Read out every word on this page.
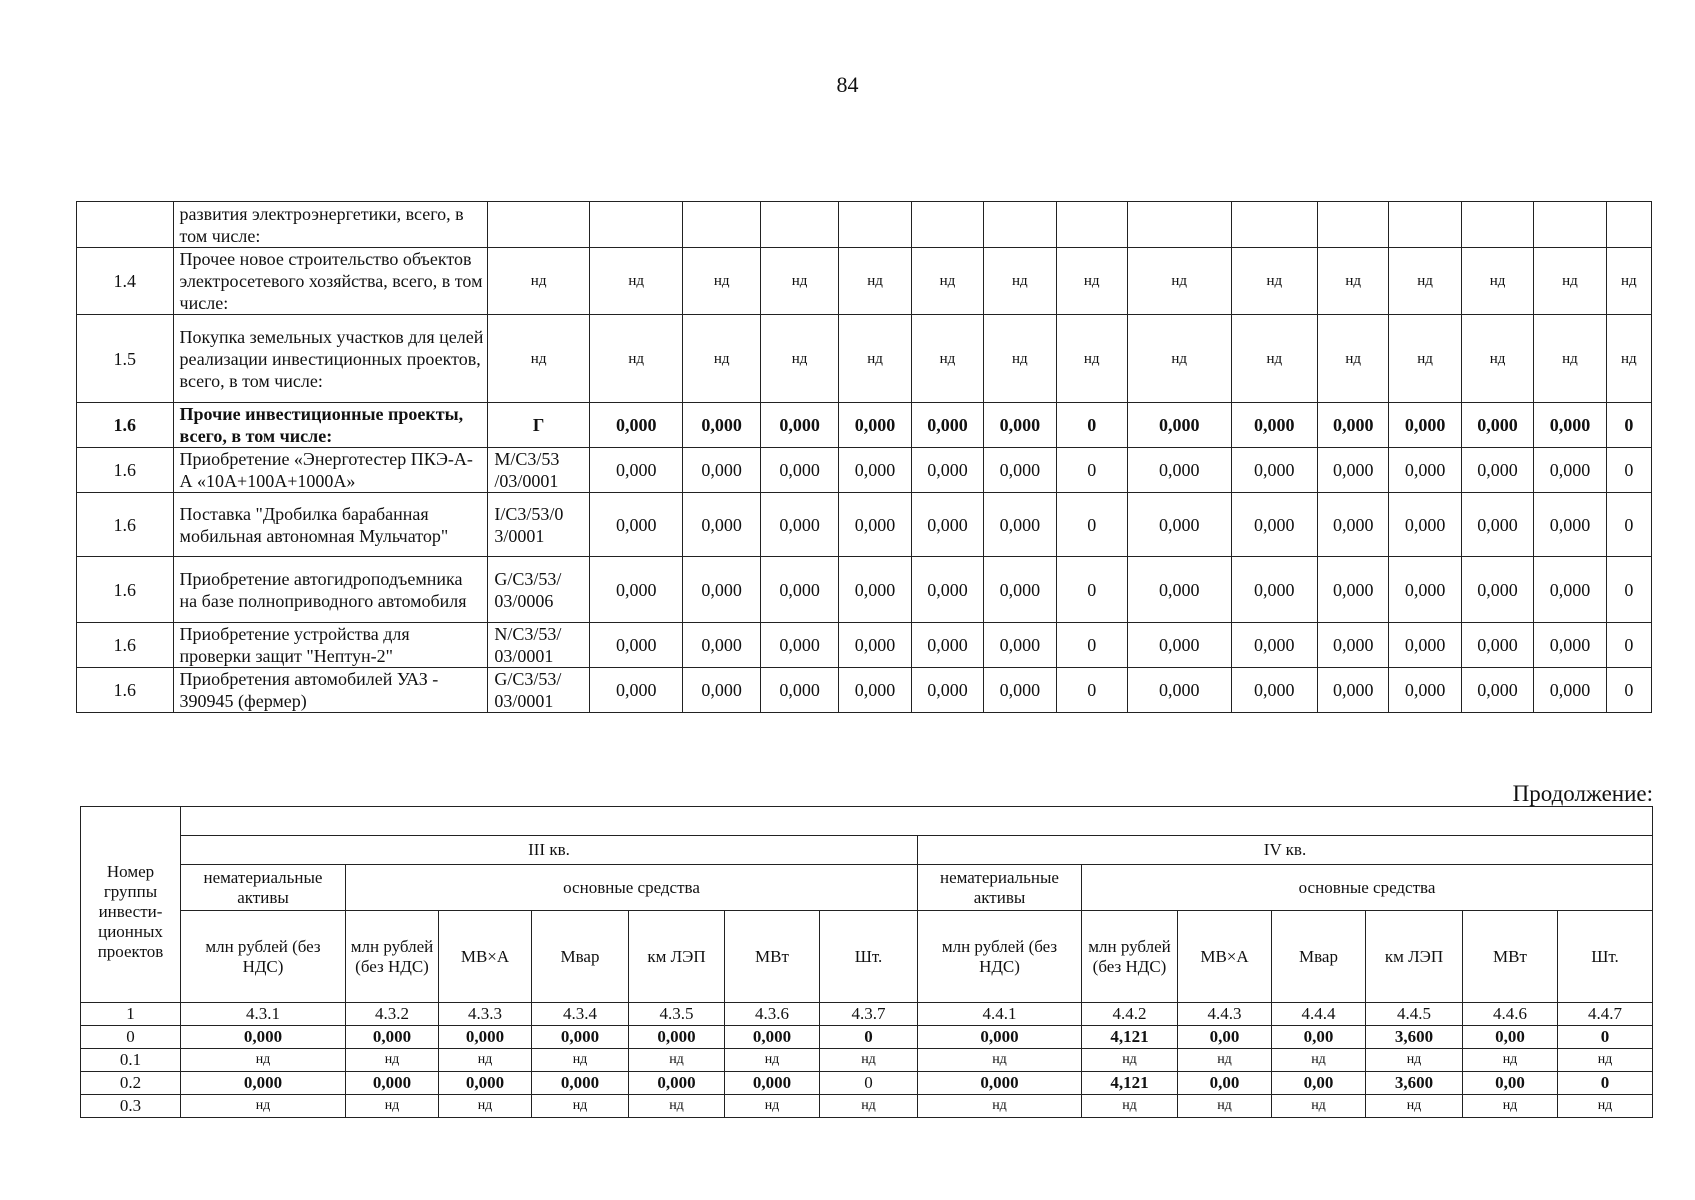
84
	развития электроэнергетики, всего, в том числе:															
1.4	Прочее новое строительство объектов электросетевого хозяйства, всего, в том числе:	нд	нд	нд	нд	нд	нд	нд	нд	нд	нд	нд	нд	нд	нд	нд
1.5	Покупка земельных участков для целей реализации инвестиционных проектов, всего, в том числе:	нд	нд	нд	нд	нд	нд	нд	нд	нд	нд	нд	нд	нд	нд	нд
1.6	Прочие инвестиционные проекты, всего, в том числе:	Г	0,000	0,000	0,000	0,000	0,000	0,000	0	0,000	0,000	0,000	0,000	0,000	0,000	0
1.6	Приобретение «Энерготестер ПКЭ-А-А «10А+100А+1000А»	M/C3/53 /03/0001	0,000	0,000	0,000	0,000	0,000	0,000	0	0,000	0,000	0,000	0,000	0,000	0,000	0
1.6	Поставка "Дробилка барабанная мобильная автономная Мульчатор"	I/C3/53/0 3/0001	0,000	0,000	0,000	0,000	0,000	0,000	0	0,000	0,000	0,000	0,000	0,000	0,000	0
1.6	Приобретение автогидроподъемника на базе полноприводного автомобиля	G/C3/53/ 03/0006	0,000	0,000	0,000	0,000	0,000	0,000	0	0,000	0,000	0,000	0,000	0,000	0,000	0
1.6	Приобретение устройства для проверки защит "Нептун-2"	N/C3/53/ 03/0001	0,000	0,000	0,000	0,000	0,000	0,000	0	0,000	0,000	0,000	0,000	0,000	0,000	0
1.6	Приобретения автомобилей УАЗ - 390945 (фермер)	G/C3/53/ 03/0001	0,000	0,000	0,000	0,000	0,000	0,000	0	0,000	0,000	0,000	0,000	0,000	0,000	0
Продолжение:
Номер группы инвести-ционных проектов														
	III кв.							IV кв.						
	нематериальные активы	основные средства						нематериальные активы	основные средства					
	млн рублей (без НДС)	млн рублей (без НДС)	МВ×А	Мвар	км ЛЭП	МВт	Шт.	млн рублей (без НДС)	млн рублей (без НДС)	МВ×А	Мвар	км ЛЭП	МВт	Шт.
1	4.3.1	4.3.2	4.3.3	4.3.4	4.3.5	4.3.6	4.3.7	4.4.1	4.4.2	4.4.3	4.4.4	4.4.5	4.4.6	4.4.7
0	0,000	0,000	0,000	0,000	0,000	0,000	0	0,000	4,121	0,00	0,00	3,600	0,00	0
0.1	нд	нд	нд	нд	нд	нд	нд	нд	нд	нд	нд	нд	нд	нд
0.2	0,000	0,000	0,000	0,000	0,000	0,000	0	0,000	4,121	0,00	0,00	3,600	0,00	0
0.3	нд	нд	нд	нд	нд	нд	нд	нд	нд	нд	нд	нд	нд	нд
